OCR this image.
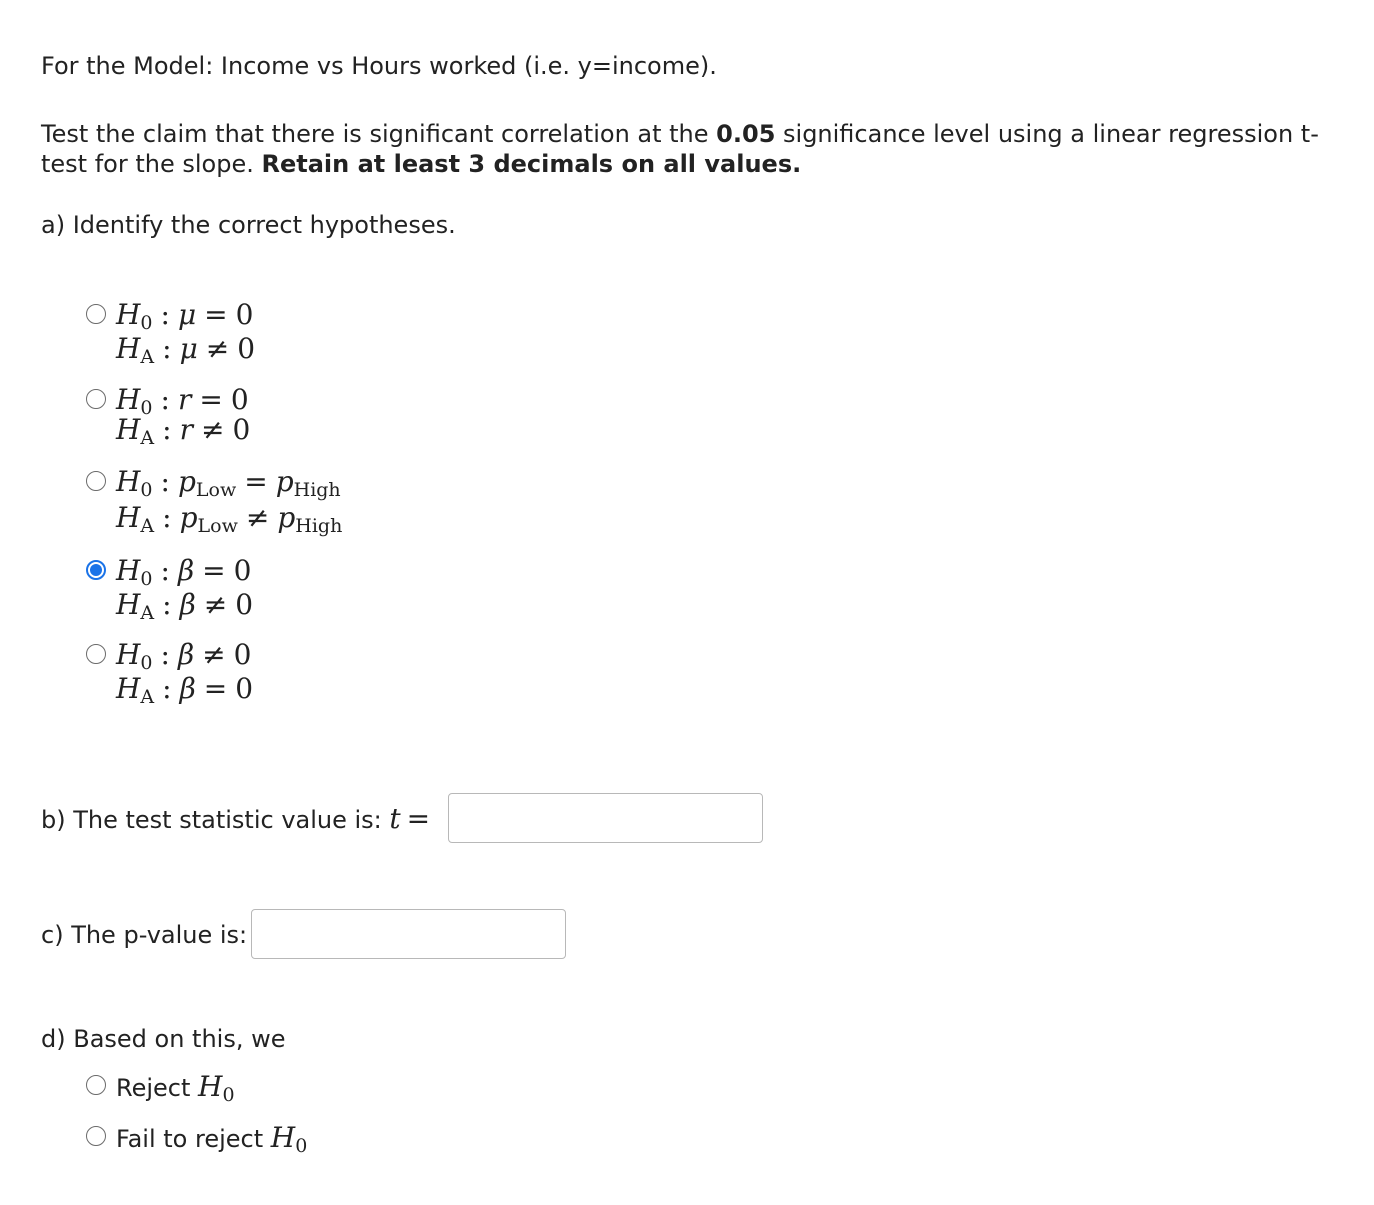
For the Model: Income vs Hours worked (i.e. y=income).
Test the claim that there is significant correlation at the 0.05 significance level using a linear regression t-test for the slope. Retain at least 3 decimals on all values.
a) Identify the correct hypotheses.
$H_0$ : μ = 0
$H_A$ : μ ≠ 0
$H_0$ : r = 0
$H_A$ : r ≠ 0
$H_0$ : $p_{Low} = p_{High}$
$H_A$ : $p_{Low} \ne p_{High}$
$H_0$ : β = 0
$H_A$ : β ≠ 0
$H_0$ : β ≠ 0
$H_A$ : β = 0
b) The test statistic value is: t =
c) The p-value is:
d) Based on this, we
Reject $H_0$
Fail to reject $H_0$
